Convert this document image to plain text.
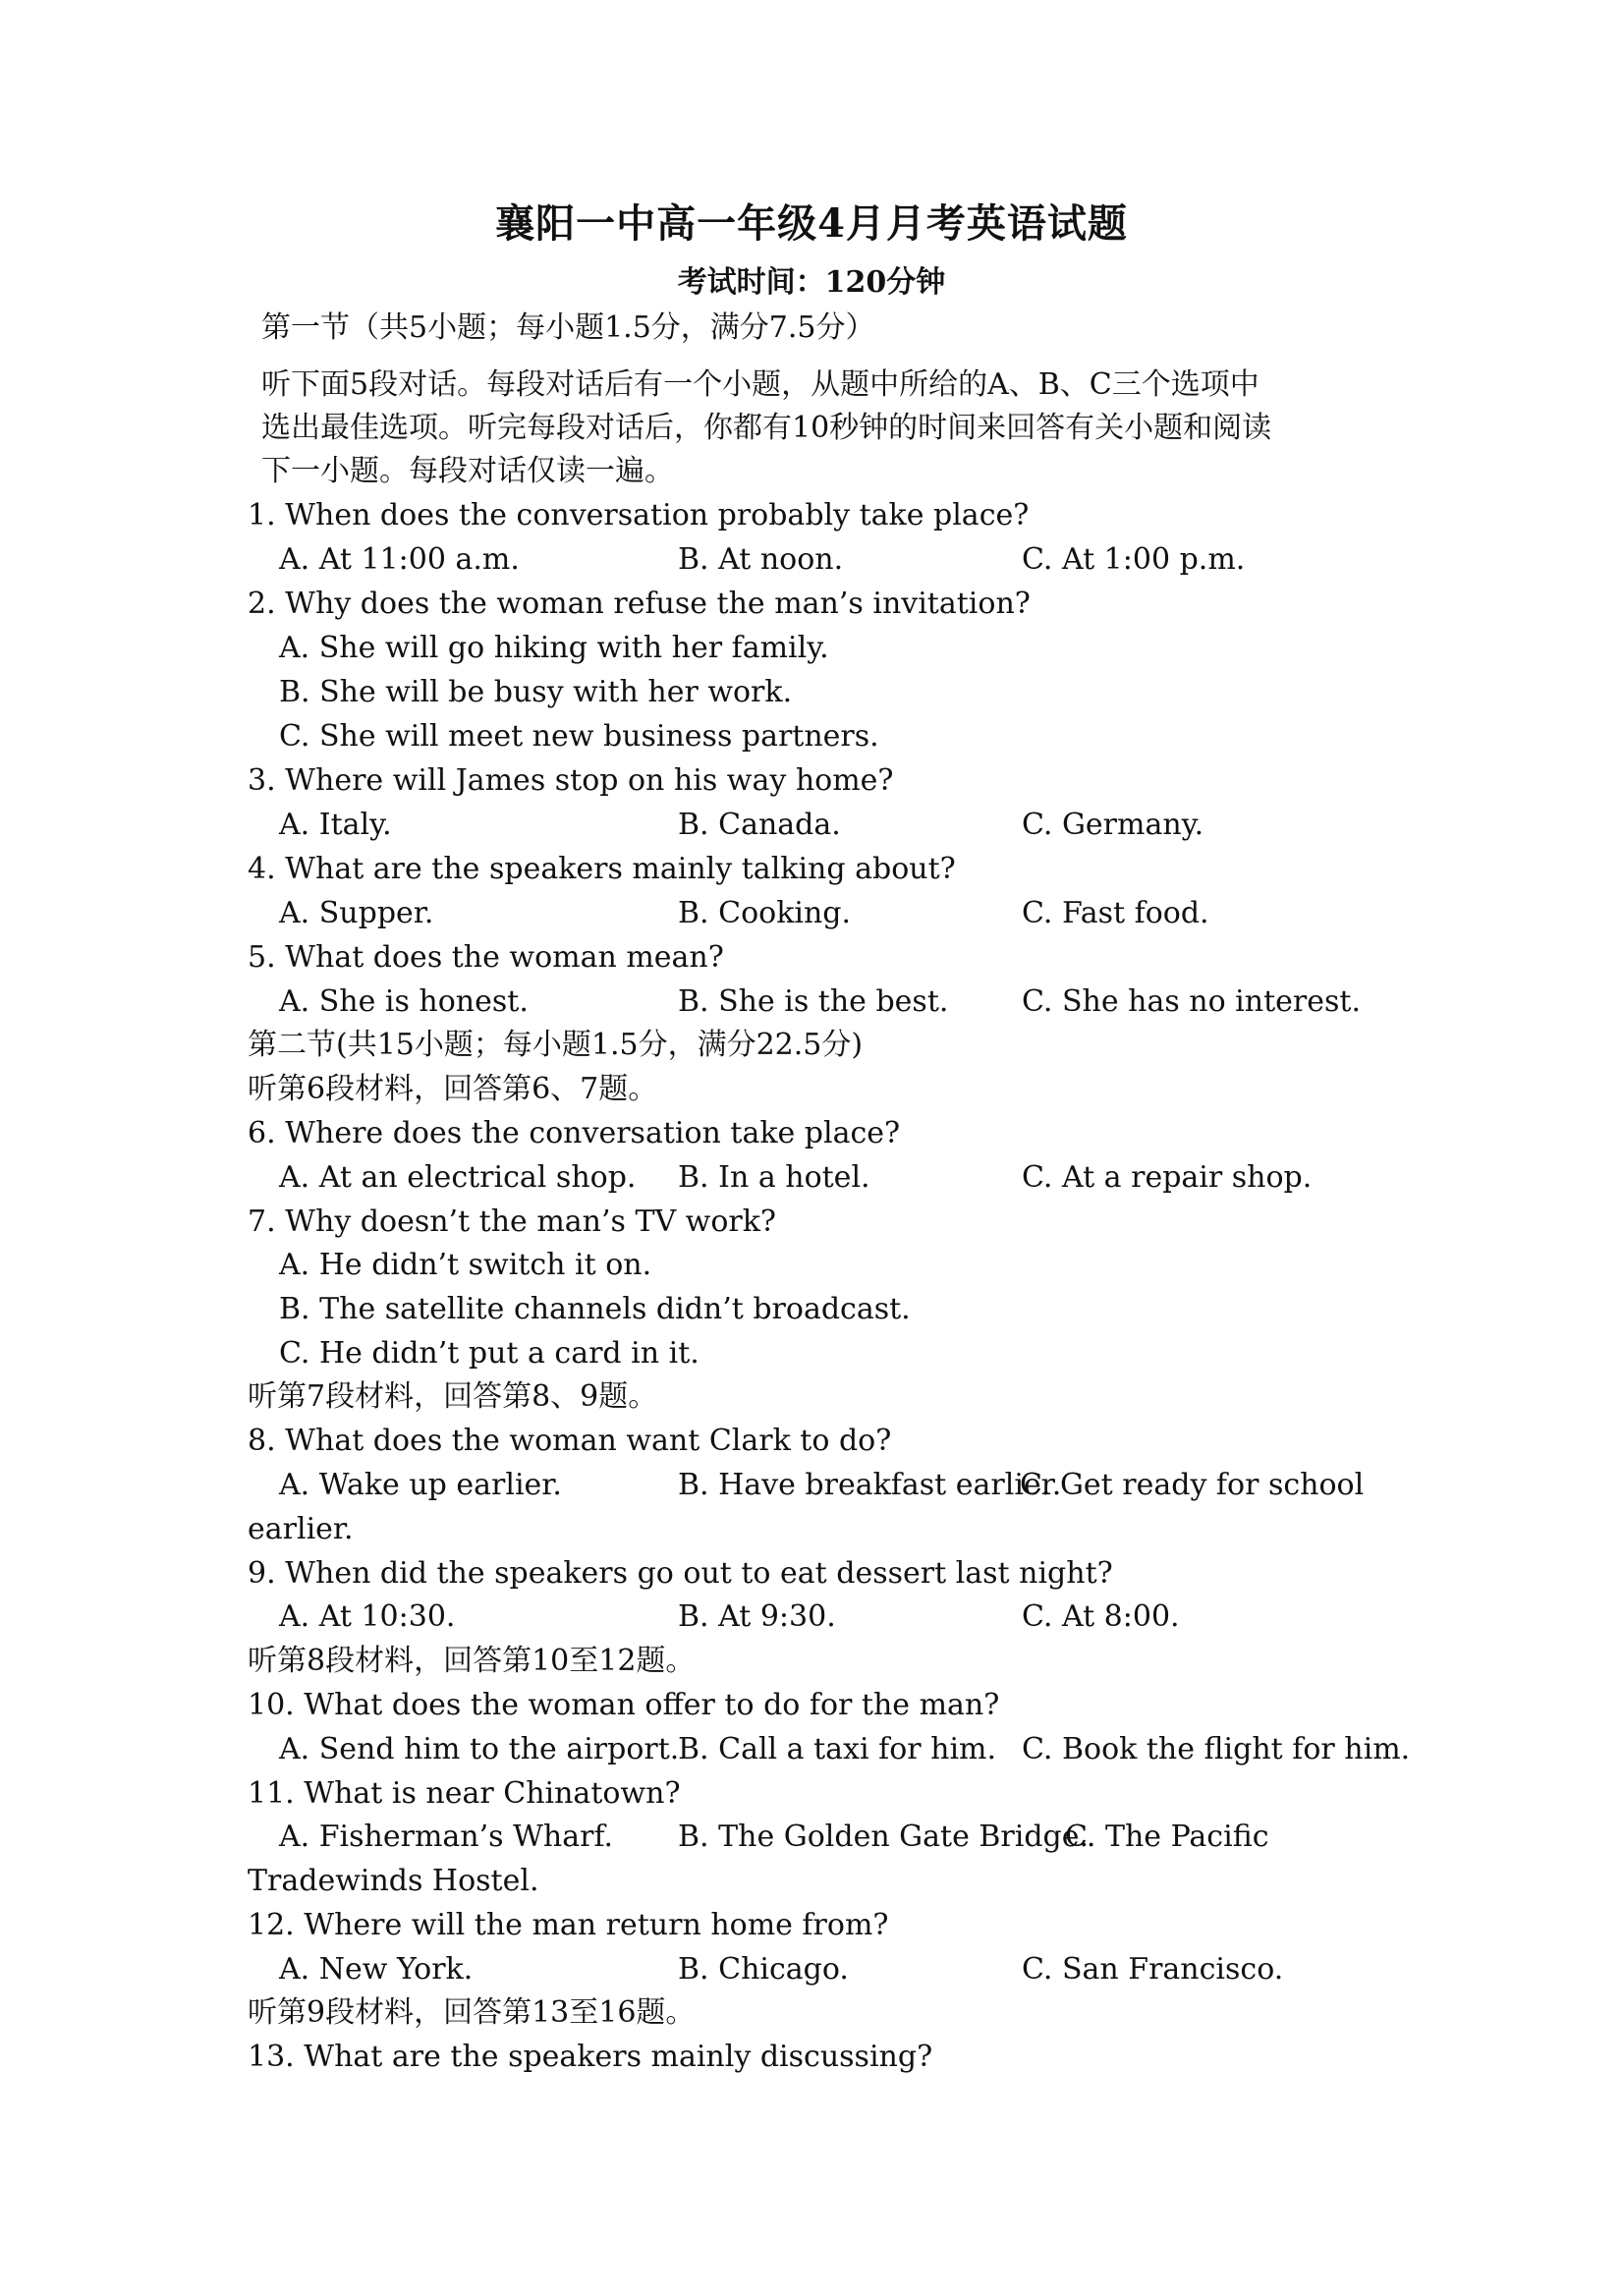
襄阳一中高一年级4月月考英语试题
考试时间：120分钟
第一节（共5小题；每小题1.5分，满分7.5分）
听下面5段对话。每段对话后有一个小题，从题中所给的A、B、C三个选项中
选出最佳选项。听完每段对话后，你都有10秒钟的时间来回答有关小题和阅读
下一小题。每段对话仅读一遍。
1. When does the conversation probably take place?
A. At 11:00 a.m.	B. At noon.	C. At 1:00 p.m.
2. Why does the woman refuse the man’s invitation?
A. She will go hiking with her family.
B. She will be busy with her work.
C. She will meet new business partners.
3. Where will James stop on his way home?
A. Italy.	B. Canada.	C. Germany.
4. What are the speakers mainly talking about?
A. Supper.	B. Cooking.	C. Fast food.
5. What does the woman mean?
A. She is honest.	B. She is the best. C. She has no interest.
第二节(共15小题；每小题1.5分，满分22.5分)
听第6段材料，回答第6、7题。
6. Where does the conversation take place?
A. At an electrical shop. B. In a hotel.	C. At a repair shop.
7. Why doesn’t the man’s TV work?
A. He didn’t switch it on.
B. The satellite channels didn’t broadcast.
C. He didn’t put a card in it.
听第7段材料，回答第8、9题。
8. What does the woman want Clark to do?
A. Wake up earlier.	B. Have breakfast earlier.
C. Get ready for school
earlier.
9. When did the speakers go out to eat dessert last night?
A. At 10:30.	B. At 9:30.	C. At 8:00.
听第8段材料，回答第10至12题。
10. What does the woman offer to do for the man?
A. Send him to the airport.
B. Call a taxi for him. C. Book the flight for him.
11. What is near Chinatown?
A. Fisherman’s Wharf. B. The Golden Gate Bridge.
C. The Pacific
Tradewinds Hostel.
12. Where will the man return home from?
A. New York.	B. Chicago.	C. San Francisco.
听第9段材料，回答第13至16题。
13. What are the speakers mainly discussing?
